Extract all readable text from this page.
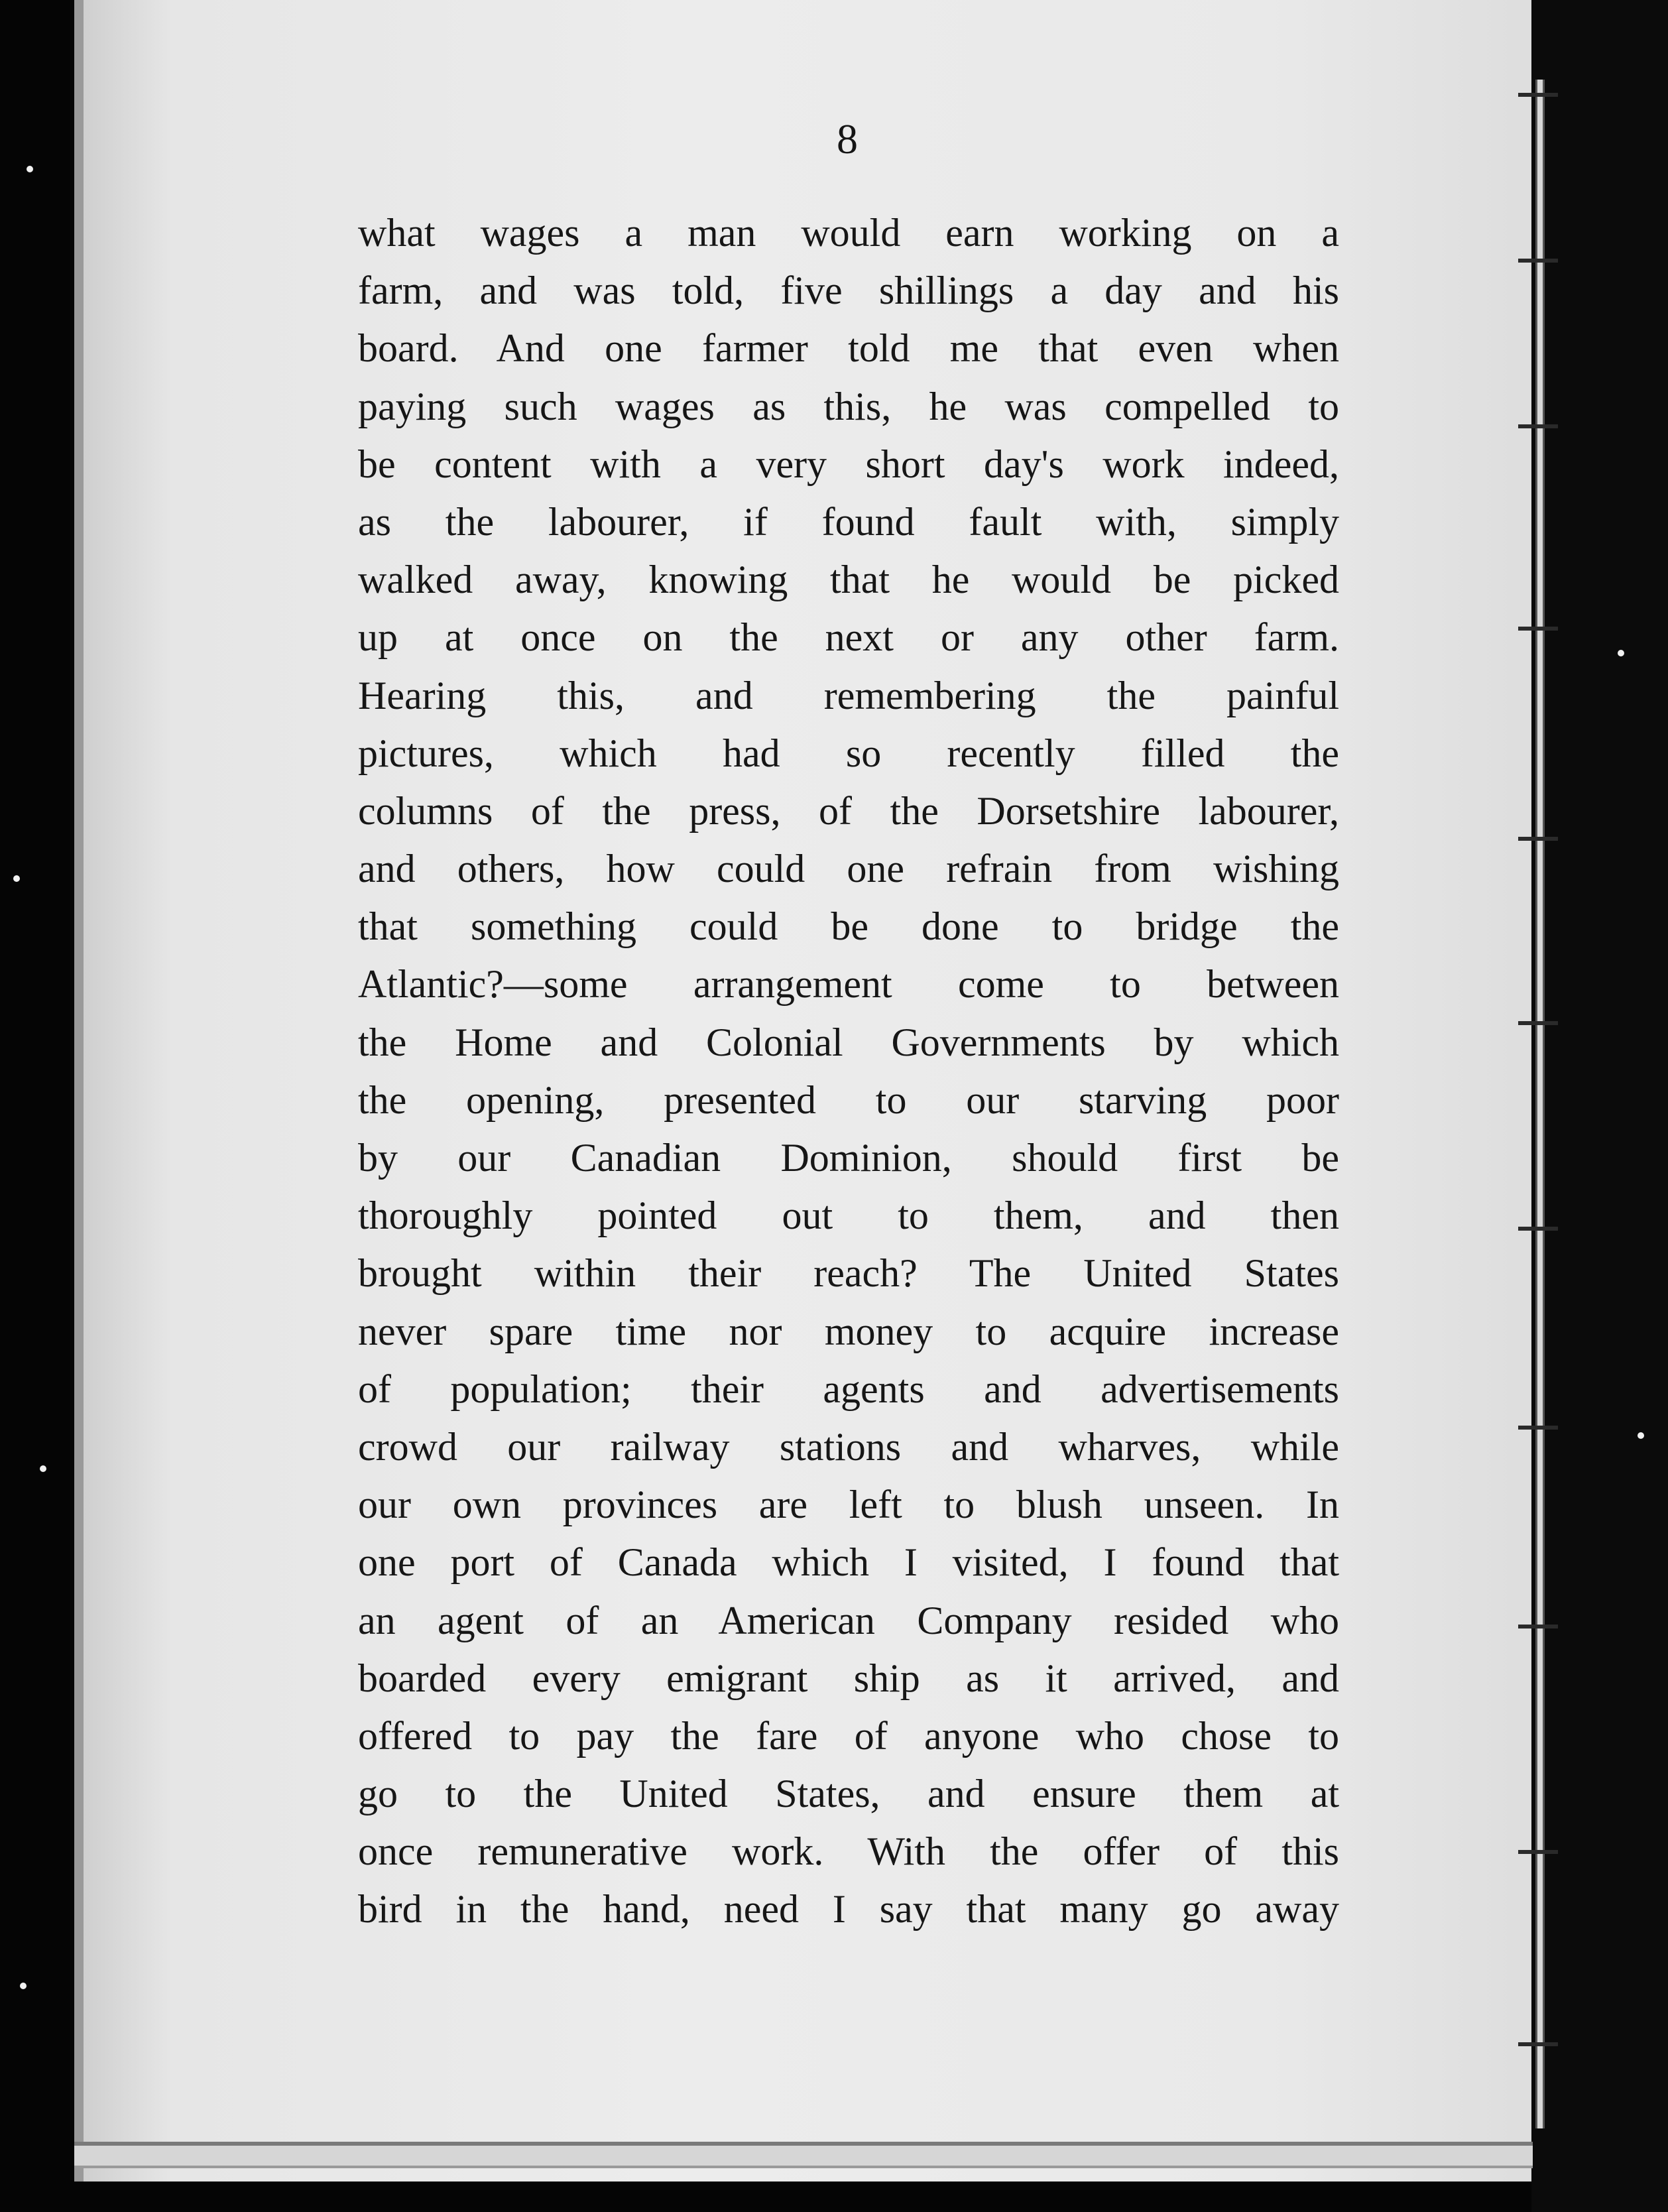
8
what wages a man would earn working on a
farm, and was told, five shillings a day and his
board. And one farmer told me that even when
paying such wages as this, he was compelled to
be content with a very short day's work indeed,
as the labourer, if found fault with, simply
walked away, knowing that he would be picked
up at once on the next or any other farm.
Hearing this, and remembering the painful
pictures, which had so recently filled the
columns of the press, of the Dorsetshire labourer,
and others, how could one refrain from wishing
that something could be done to bridge the
Atlantic?—some arrangement come to between
the Home and Colonial Governments by which
the opening, presented to our starving poor
by our Canadian Dominion, should first be
thoroughly pointed out to them, and then
brought within their reach? The United States
never spare time nor money to acquire increase
of population; their agents and advertisements
crowd our railway stations and wharves, while
our own provinces are left to blush unseen. In
one port of Canada which I visited, I found that
an agent of an American Company resided who
boarded every emigrant ship as it arrived, and
offered to pay the fare of anyone who chose to
go to the United States, and ensure them at
once remunerative work. With the offer of this
bird in the hand, need I say that many go away
